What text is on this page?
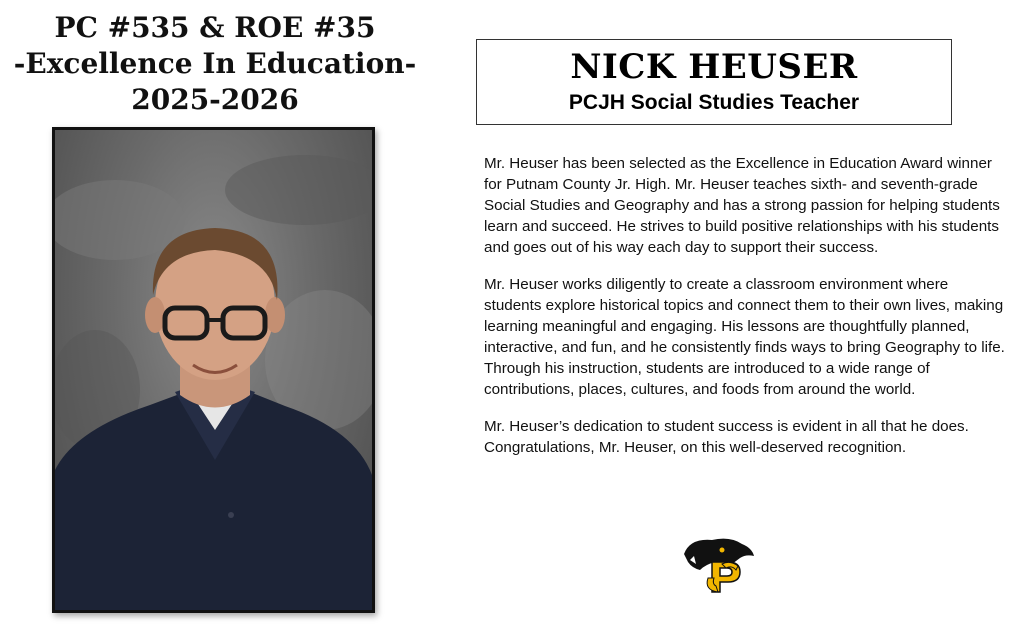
PC #535 & ROE #35
-Excellence In Education-
2025-2026
NICK HEUSER
PCJH Social Studies Teacher

Mr. Heuser has been selected as the Excellence in Education Award winner for Putnam County Jr. High. Mr. Heuser teaches sixth- and seventh-grade Social Studies and Geography and has a strong passion for helping students learn and succeed. He strives to build positive relationships with his students and goes out of his way each day to support their success.

Mr. Heuser works diligently to create a classroom environment where students explore historical topics and connect them to their own lives, making learning meaningful and engaging. His lessons are thoughtfully planned, interactive, and fun, and he consistently finds ways to bring Geography to life. Through his instruction, students are introduced to a wide range of contributions, places, cultures, and foods from around the world.

Mr. Heuser’s dedication to student success is evident in all that he does. Congratulations, Mr. Heuser, on this well-deserved recognition.
